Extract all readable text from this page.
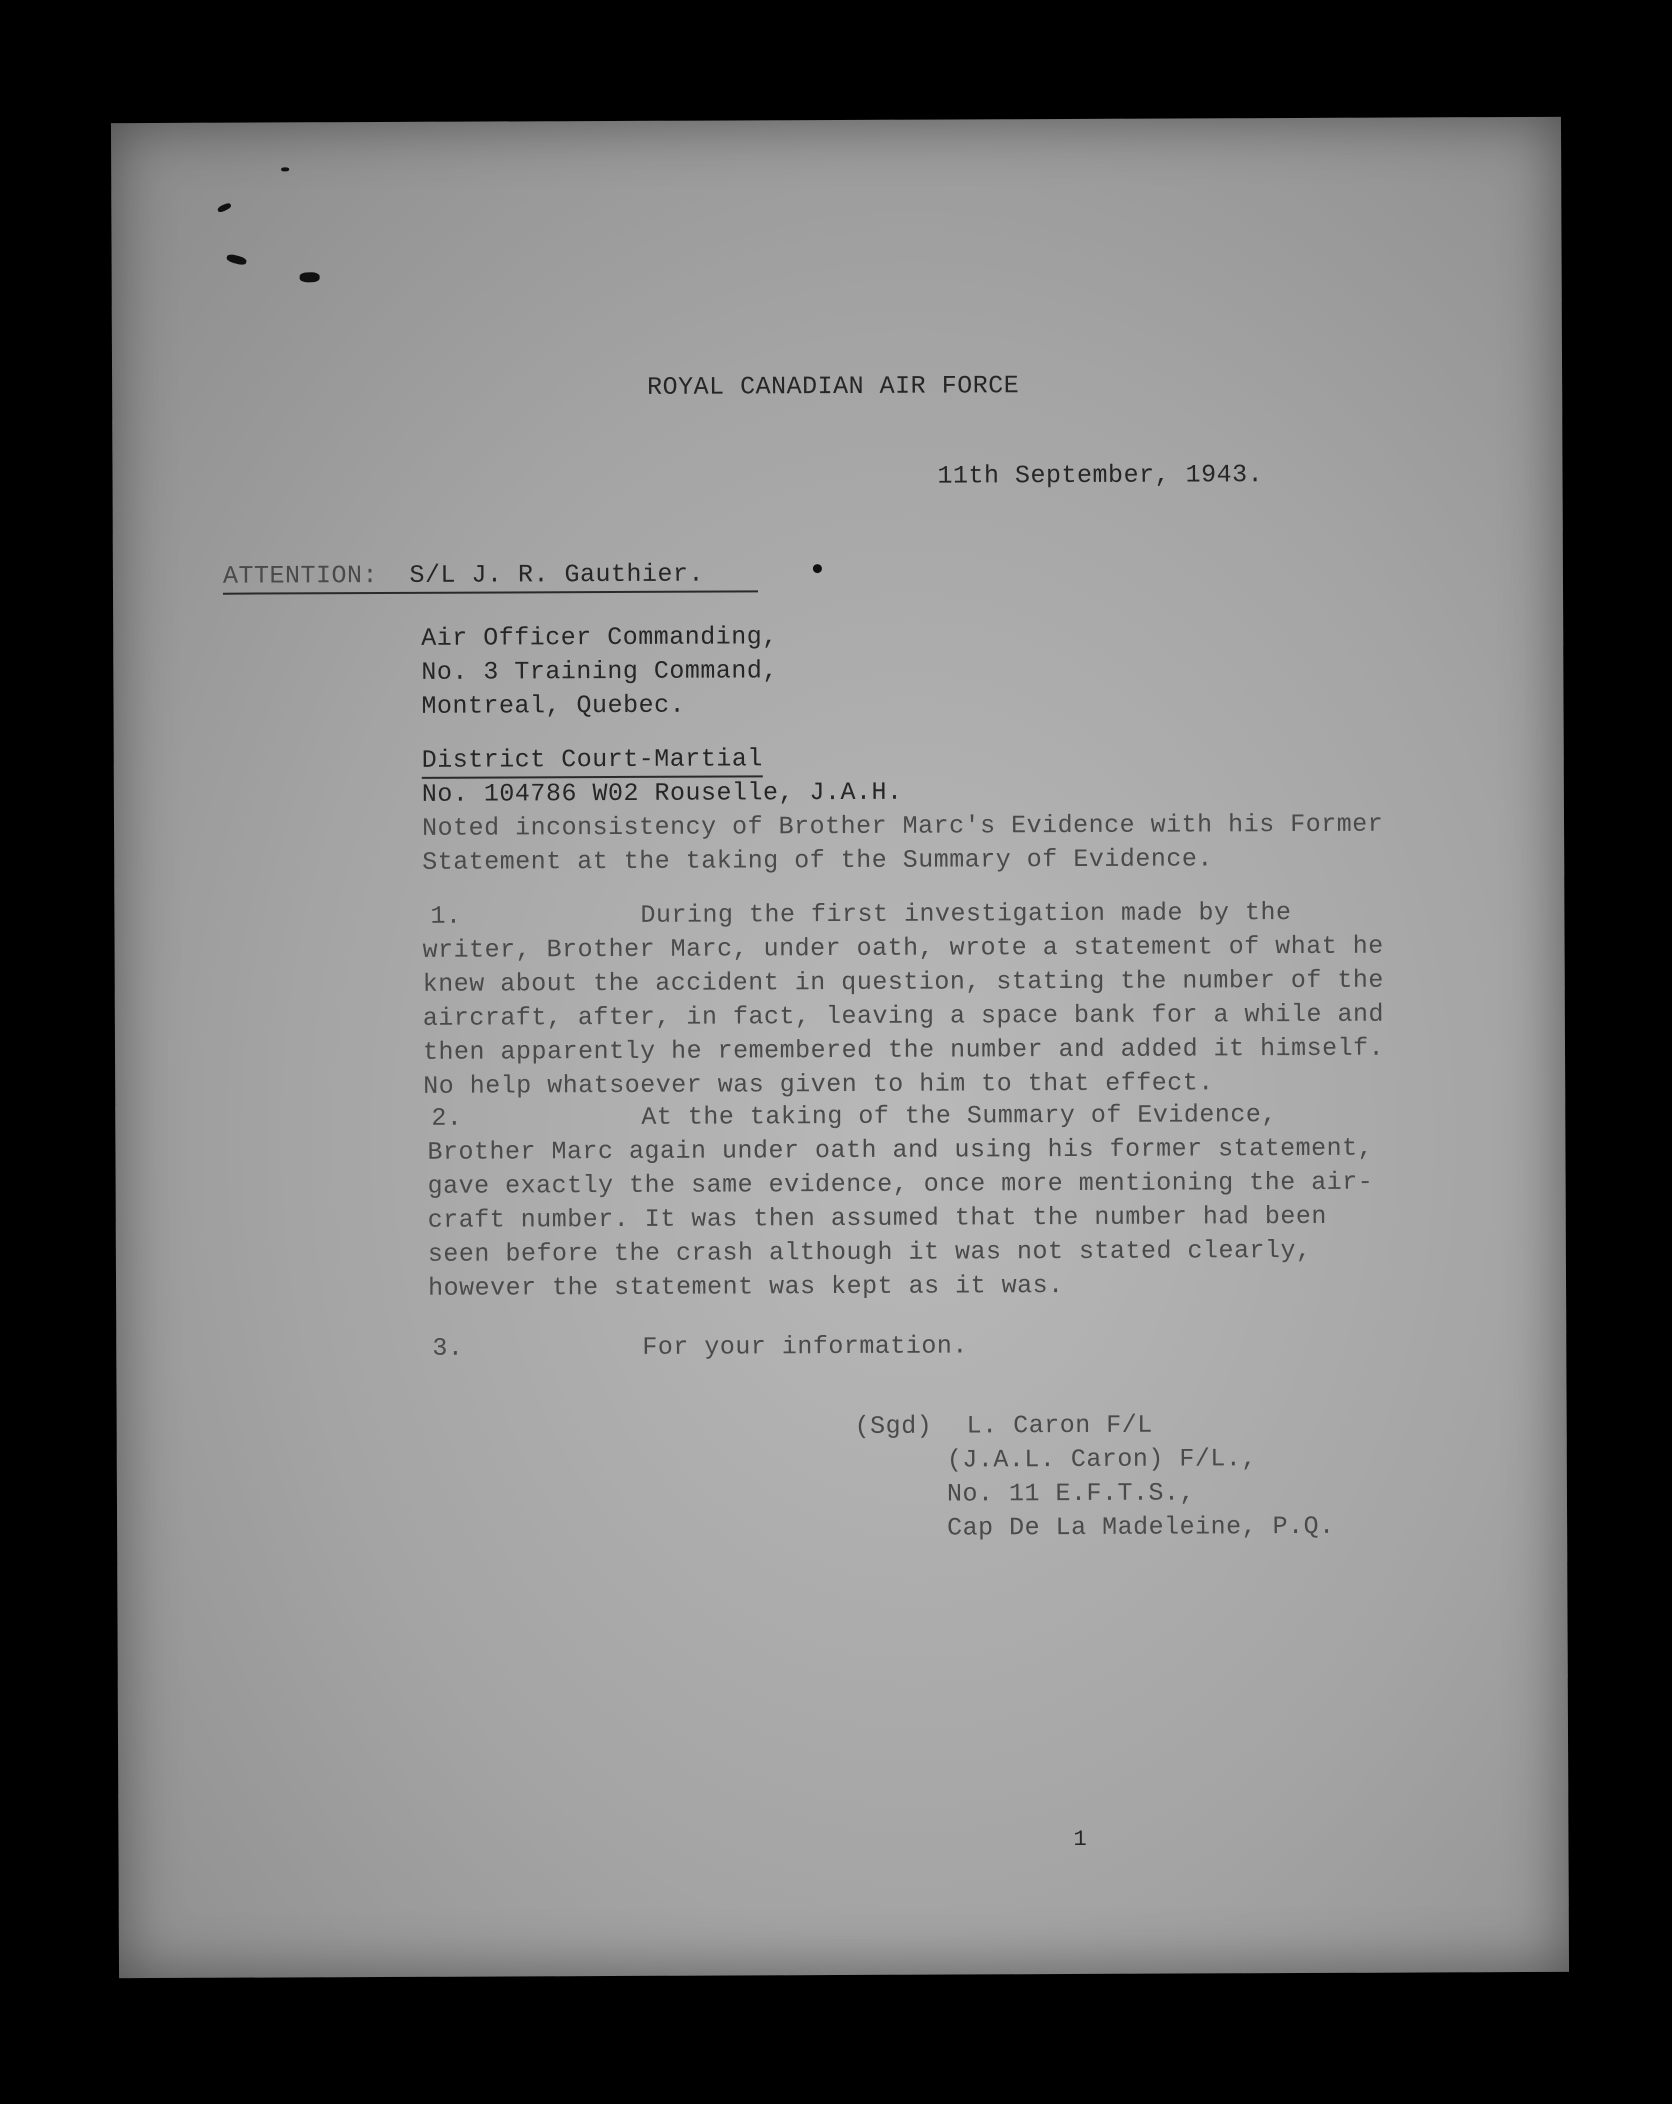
ROYAL CANADIAN AIR FORCE
11th September, 1943.
ATTENTION: S/L J. R. Gauthier.
Air Officer Commanding,
No. 3 Training Command,
Montreal, Quebec.
District Court-Martial
No. 104786 W02 Rouselle, J.A.H.
Noted inconsistency of Brother Marc's Evidence with his Former
Statement at the taking of the Summary of Evidence.
1.	During the first investigation made by the
writer, Brother Marc, under oath, wrote a statement of what he
knew about the accident in question, stating the number of the
aircraft, after, in fact, leaving a space bank for a while and
then apparently he remembered the number and added it himself.
No help whatsoever was given to him to that effect.
2.	At the taking of the Summary of Evidence,
Brother Marc again under oath and using his former statement,
gave exactly the same evidence, once more mentioning the air-
craft number. It was then assumed that the number had been
seen before the crash although it was not stated clearly,
however the statement was kept as it was.
3.	For your information.
(Sgd) L. Caron F/L
(J.A.L. Caron) F/L.,
No. 11 E.F.T.S.,
Cap De La Madeleine, P.Q.
1
